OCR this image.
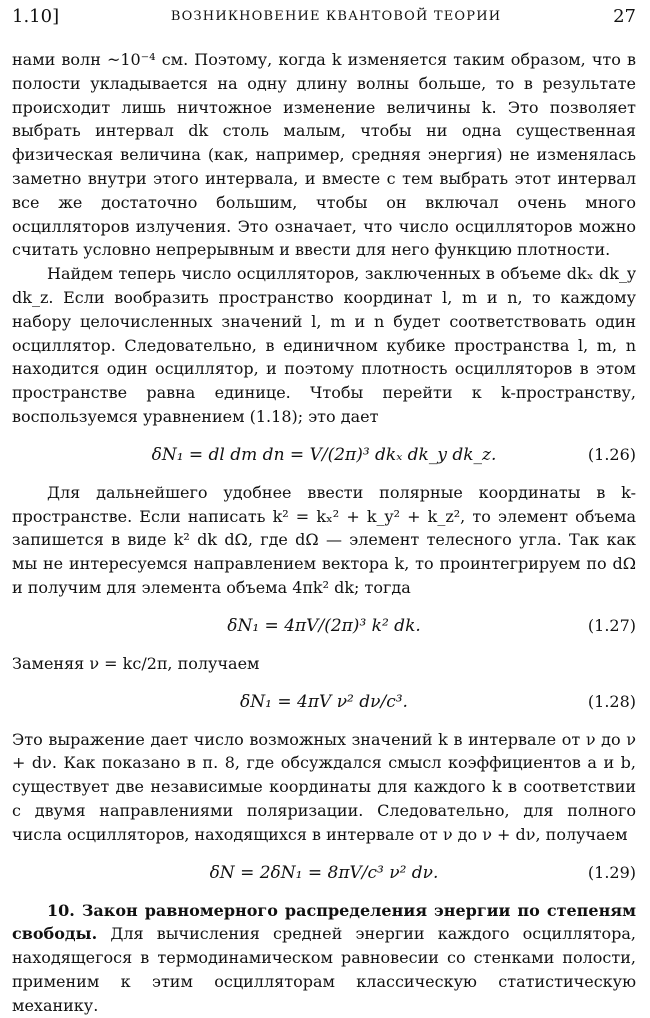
1.10]	ВОЗНИКНОВЕНИЕ КВАНТОВОЙ ТЕОРИИ	27

нами волн ~10⁻⁴ см. Поэтому, когда k изменяется таким образом, что в полости укладывается на одну длину волны больше, то в результате происходит лишь ничтожное изменение величины k. Это позволяет выбрать интервал dk столь малым, чтобы ни одна существенная физическая величина (как, например, средняя энергия) не изменялась заметно внутри этого интервала, и вместе с тем выбрать этот интервал все же достаточно большим, чтобы он включал очень много осцилляторов излучения. Это означает, что число осцилляторов можно считать условно непрерывным и ввести для него функцию плотности.

Найдем теперь число осцилляторов, заключенных в объеме dkₓ dk_y dk_z. Если вообразить пространство координат l, m и n, то каждому набору целочисленных значений l, m и n будет соответствовать один осциллятор. Следовательно, в единичном кубике пространства l, m, n находится один осциллятор, и поэтому плотность осцилляторов в этом пространстве равна единице. Чтобы перейти к k-пространству, воспользуемся уравнением (1.18); это дает

δN₁ = dl dm dn = V/(2π)³ dkₓ dk_y dk_z.	(1.26)

Для дальнейшего удобнее ввести полярные координаты в k-пространстве. Если написать k² = kₓ² + k_y² + k_z², то элемент объема запишется в виде k² dk dΩ, где dΩ — элемент телесного угла. Так как мы не интересуемся направлением вектора k, то проинтегрируем по dΩ и получим для элемента объема 4πk² dk; тогда

δN₁ = 4πV/(2π)³ k² dk.	(1.27)

Заменяя ν = kc/2π, получаем

δN₁ = 4πV ν² dν/c³.	(1.28)

Это выражение дает число возможных значений k в интервале от ν до ν + dν. Как показано в п. 8, где обсуждался смысл коэффициентов a и b, существует две независимые координаты для каждого k в соответствии с двумя направлениями поляризации. Следовательно, для полного числа осцилляторов, находящихся в интервале от ν до ν + dν, получаем

δN = 2δN₁ = 8πV/c³ ν² dν.	(1.29)

10. Закон равномерного распределения энергии по степеням свободы. Для вычисления средней энергии каждого осциллятора, находящегося в термодинамическом равновесии со стенками полости, применим к этим осцилляторам классическую статистическую механику.
